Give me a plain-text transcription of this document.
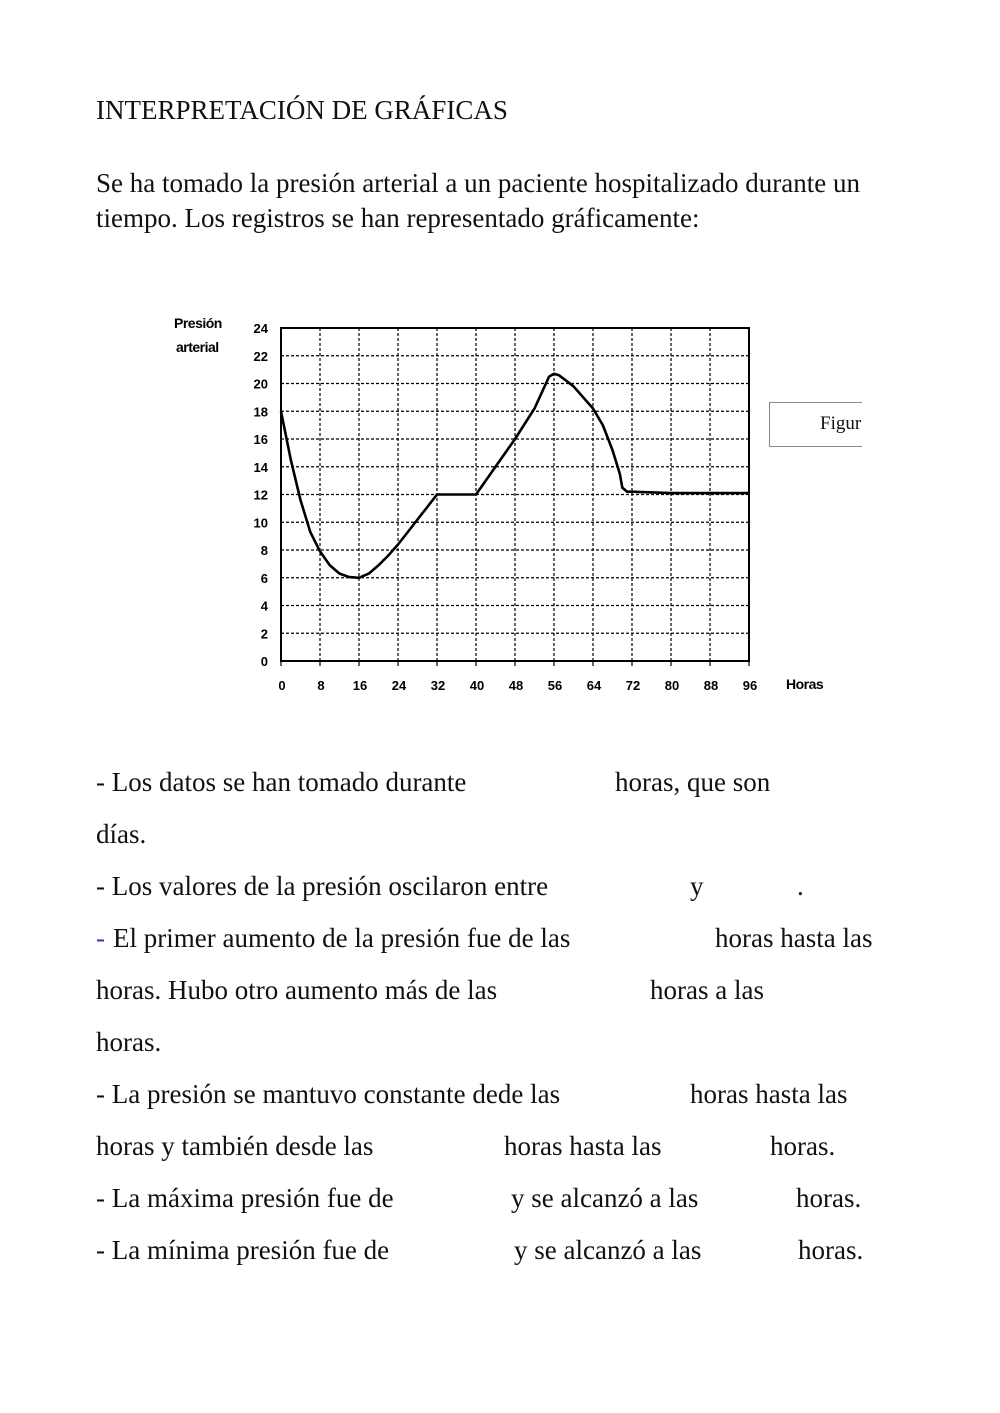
INTERPRETACIÓN DE GRÁFICAS
Se ha tomado la presión arterial a un paciente hospitalizado durante un tiempo. Los registros se han representado gráficamente:
0
2
4
6
8
10
12
14
16
18
20
22
24
0 8 16 24 32 40 48 56 64 72 80 88 96
Presión
arterial
Horas
Figur
- Los datos se han tomado durante	horas, que son
días.
- Los valores de la presión oscilaron entre	y	.
- El primer aumento de la presión fue de las	horas hasta las
horas. Hubo otro aumento más de las	horas a las
horas.
- La presión se mantuvo constante dede las	horas hasta las
horas y también desde las	horas hasta las	horas.
- La máxima presión fue de	y se alcanzó a las	horas.
- La mínima presión fue de	y se alcanzó a las	horas.
